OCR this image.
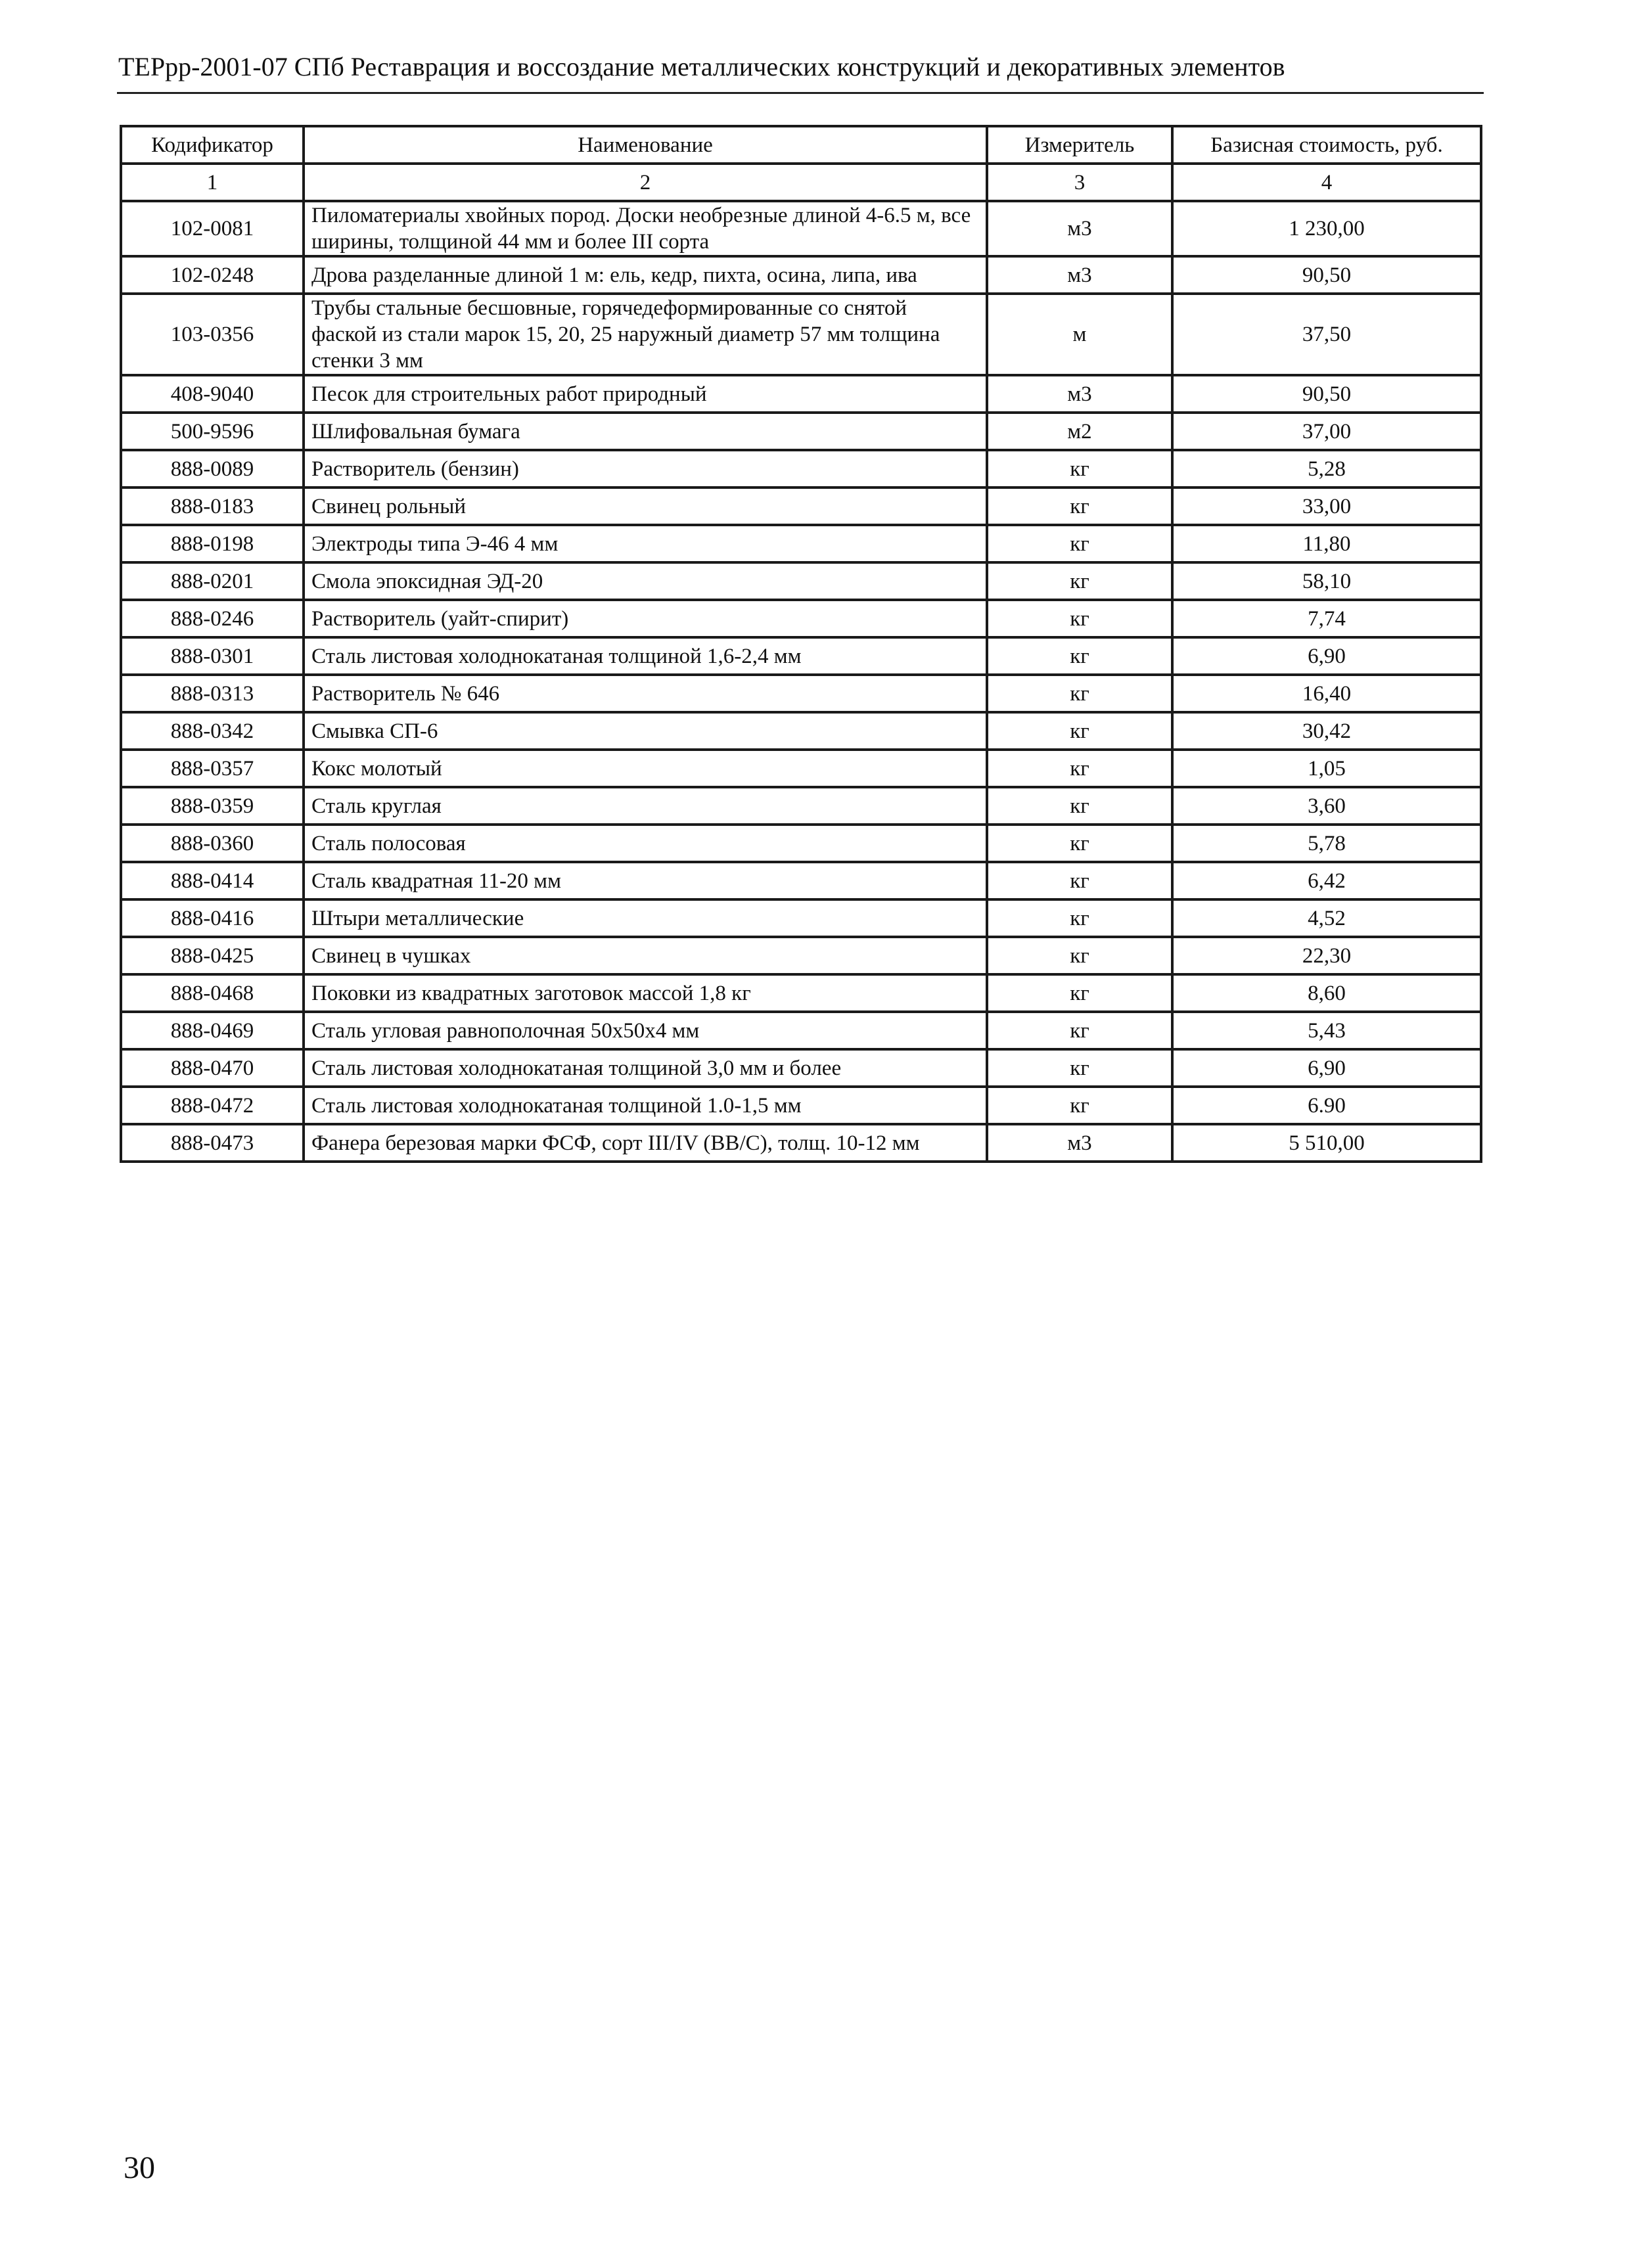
ТЕРрр-2001-07 СПб Реставрация и воссоздание металлических конструкций и декоративных элементов
Кодификатор	Наименование	Измеритель	Базисная стоимость, руб.
1	2	3	4
102-0081	Пиломатериалы хвойных пород. Доски необрезные длиной 4-6.5 м, все ширины, толщиной 44 мм и более III сорта	м3	1 230,00
102-0248	Дрова разделанные длиной 1 м: ель, кедр, пихта, осина, липа, ива	м3	90,50
103-0356	Трубы стальные бесшовные, горячедеформированные со снятой фаской из стали марок 15, 20, 25 наружный диаметр 57 мм толщина стенки 3 мм	м	37,50
408-9040	Песок для строительных работ природный	м3	90,50
500-9596	Шлифовальная бумага	м2	37,00
888-0089	Растворитель (бензин)	кг	5,28
888-0183	Свинец рольный	кг	33,00
888-0198	Электроды типа Э-46 4 мм	кг	11,80
888-0201	Смола эпоксидная ЭД-20	кг	58,10
888-0246	Растворитель (уайт-спирит)	кг	7,74
888-0301	Сталь листовая холоднокатаная толщиной 1,6-2,4 мм	кг	6,90
888-0313	Растворитель № 646	кг	16,40
888-0342	Смывка СП-6	кг	30,42
888-0357	Кокс молотый	кг	1,05
888-0359	Сталь круглая	кг	3,60
888-0360	Сталь полосовая	кг	5,78
888-0414	Сталь квадратная 11-20 мм	кг	6,42
888-0416	Штыри металлические	кг	4,52
888-0425	Свинец в чушках	кг	22,30
888-0468	Поковки из квадратных заготовок массой 1,8 кг	кг	8,60
888-0469	Сталь угловая равнополочная 50х50х4 мм	кг	5,43
888-0470	Сталь листовая холоднокатаная толщиной 3,0 мм и более	кг	6,90
888-0472	Сталь листовая холоднокатаная толщиной 1.0-1,5 мм	кг	6.90
888-0473	Фанера березовая марки ФСФ, сорт III/IV (BB/C), толщ. 10-12 мм	м3	5 510,00
30
